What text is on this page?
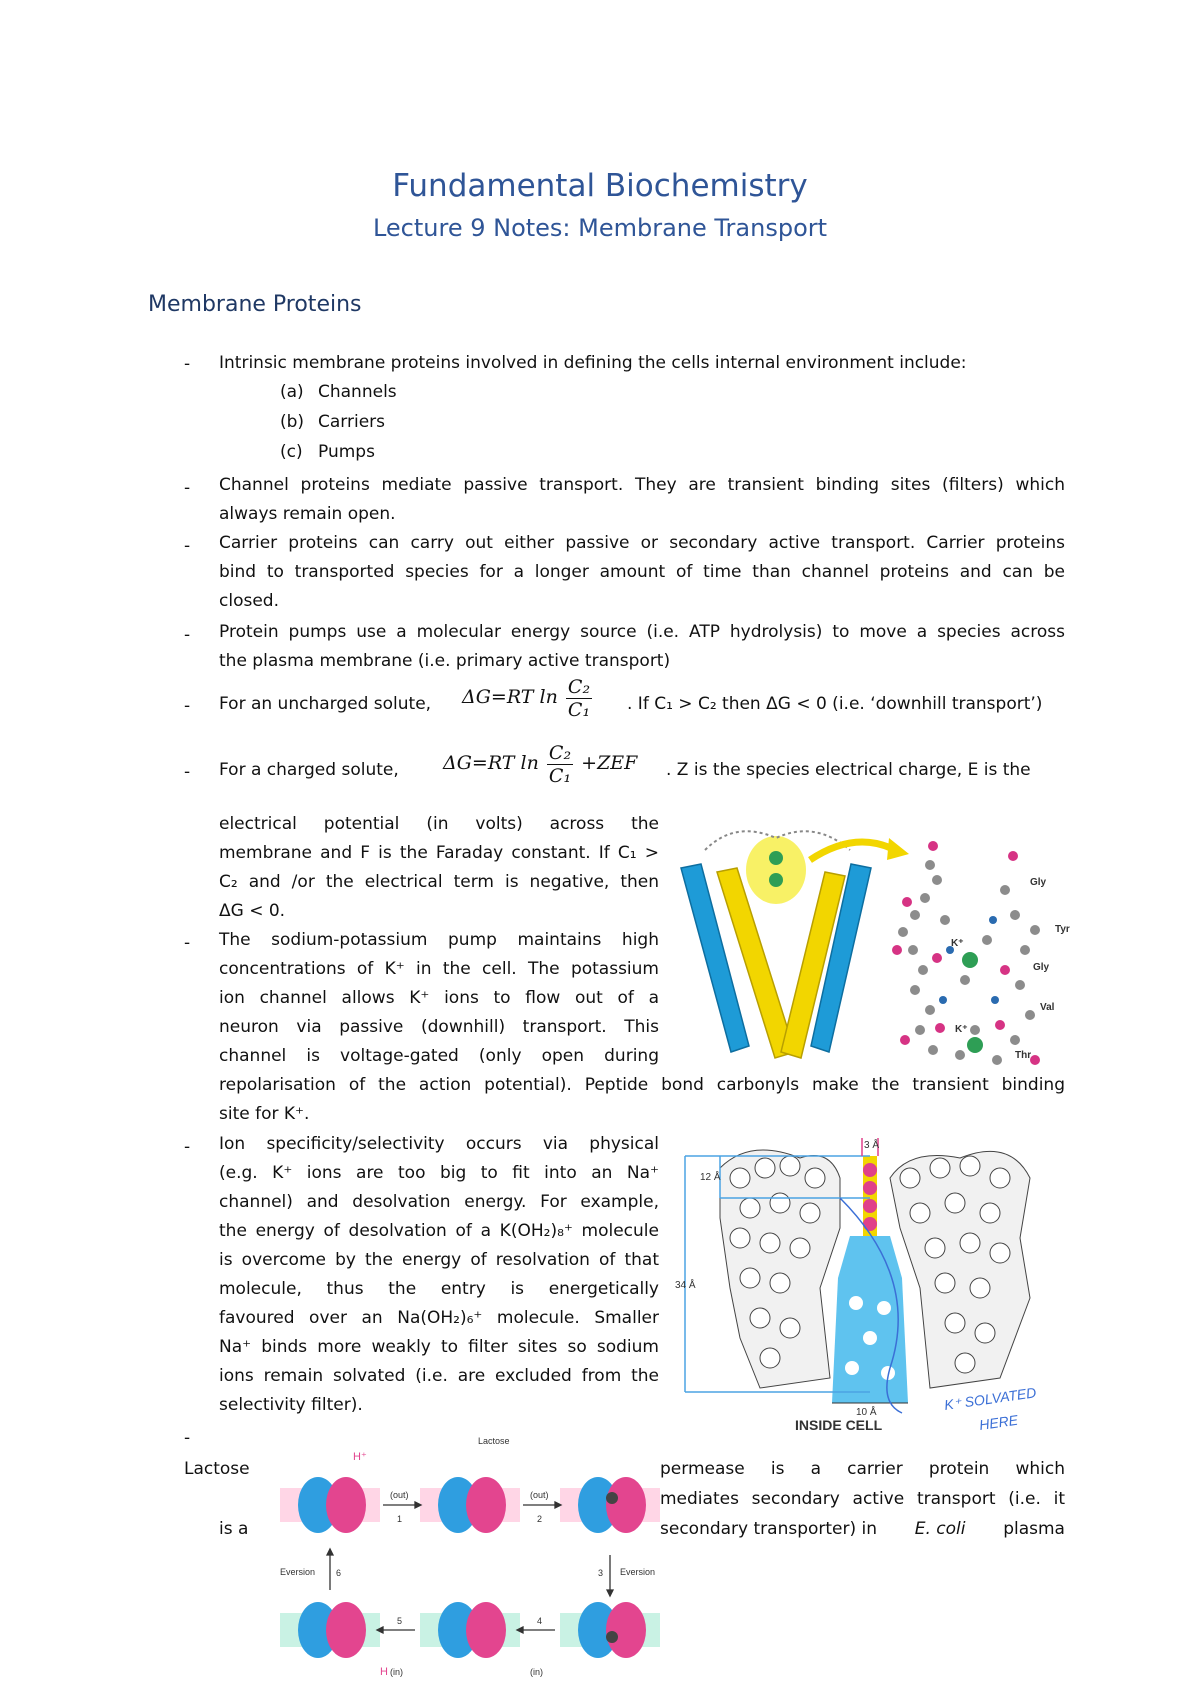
Fundamental Biochemistry
Lecture 9 Notes: Membrane Transport
Membrane Proteins
- Intrinsic membrane proteins involved in defining the cells internal environment include:
(a) Channels
(b) Carriers
(c) Pumps
- Channel proteins mediate passive transport. They are transient binding sites (filters) which
always remain open.
- Carrier proteins can carry out either passive or secondary active transport. Carrier proteins
bind to transported species for a longer amount of time than channel proteins and can be
closed.
- Protein pumps use a molecular energy source (i.e. ATP hydrolysis) to move a species across
the plasma membrane (i.e. primary active transport)
- For an uncharged solute, ΔG=RT $\ln \frac{\text{C₂}}{\text{C₁}}$ . If C₁ > C₂ then ΔG < 0 (i.e. ‘downhill transport’)
- For a charged solute, ΔG=RT $\ln \frac{\text{C₂}}{\text{C₁}} +ZEF$ . Z is the species electrical charge, E is the
electrical potential (in volts) across the
membrane and F is the Faraday constant. If C₁ >
C₂ and /or the electrical term is negative, then
ΔG < 0.
- The sodium-potassium pump maintains high
concentrations of K⁺ in the cell. The potassium
ion channel allows K⁺ ions to flow out of a
neuron via passive (downhill) transport. This
channel is voltage-gated (only open during
repolarisation of the action potential). Peptide bond carbonyls make the transient binding
site for K⁺.
- Ion specificity/selectivity occurs via physical
(e.g. K⁺ ions are too big to fit into an Na⁺
channel) and desolvation energy. For example,
the energy of desolvation of a K(OH₂)₈⁺ molecule
is overcome by the energy of resolvation of that
molecule, thus the entry is energetically
favoured over an Na(OH₂)₆⁺ molecule. Smaller
Na⁺ binds more weakly to filter sites so sodium
ions remain solvated (i.e. are excluded from the
selectivity filter).
-
Lactose
is a
permease is a carrier protein which
mediates secondary active transport (i.e. it
secondary transporter) in E. coli plasma
Gly
Tyr
Gly
Val
Thr
K⁺
K⁺
3 Å
12 Å
34 Å
10 Å
INSIDE CELL
K⁺ SOLVATED
HERE
Lactose
H⁺
(out)	(out)
Eversion	Eversion
H (in)	(in)
1	2
3
4
5
6
